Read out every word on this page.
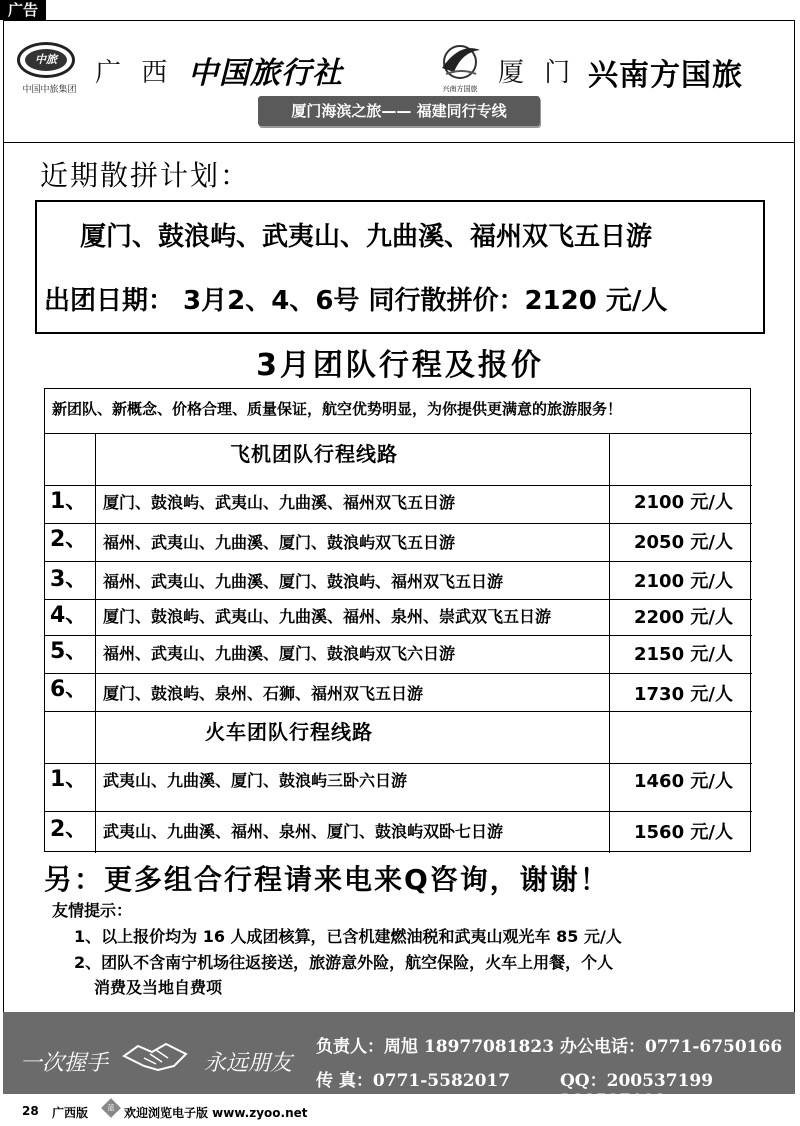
广告
中旅
中国中旅集团
广 西 中国旅行社	兴南方国旅
厦 门 兴南方国旅
厦门海滨之旅—— 福建同行专线
近期散拼计划：
厦门、鼓浪屿、武夷山、九曲溪、福州双飞五日游
出团日期： 3月2、4、6号 同行散拼价：2120 元/人
3月团队行程及报价
新团队、新概念、价格合理、质量保证，航空优势明显，为你提供更满意的旅游服务！
飞机团队行程线路
1、 厦门、鼓浪屿、武夷山、九曲溪、福州双飞五日游	2100 元/人
2、 福州、武夷山、九曲溪、厦门、鼓浪屿双飞五日游	2050 元/人
3、 福州、武夷山、九曲溪、厦门、鼓浪屿、福州双飞五日游	2100 元/人
4、 厦门、鼓浪屿、武夷山、九曲溪、福州、泉州、崇武双飞五日游	2200 元/人
5、 福州、武夷山、九曲溪、厦门、鼓浪屿双飞六日游	2150 元/人
6、 厦门、鼓浪屿、泉州、石狮、福州双飞五日游	1730 元/人
火车团队行程线路
1、 武夷山、九曲溪、厦门、鼓浪屿三卧六日游	1460 元/人
2、 武夷山、九曲溪、福州、泉州、厦门、鼓浪屿双卧七日游	1560 元/人
另：更多组合行程请来电来Q咨询，谢谢！
友情提示：
1、以上报价均为 16 人成团核算，已含机建燃油税和武夷山观光车 85 元/人
2、团队不含南宁机场往返接送，旅游意外险，航空保险，火车上用餐，个人
消费及当地自费项
一次握手	永远朋友
负责人：周旭 18977081823 办公电话：0771-6750166
传 真：0771-5582017	QQ：200537199 200597199
28 广西版	蓝 欢迎浏览电子版 www.zyoo.net
